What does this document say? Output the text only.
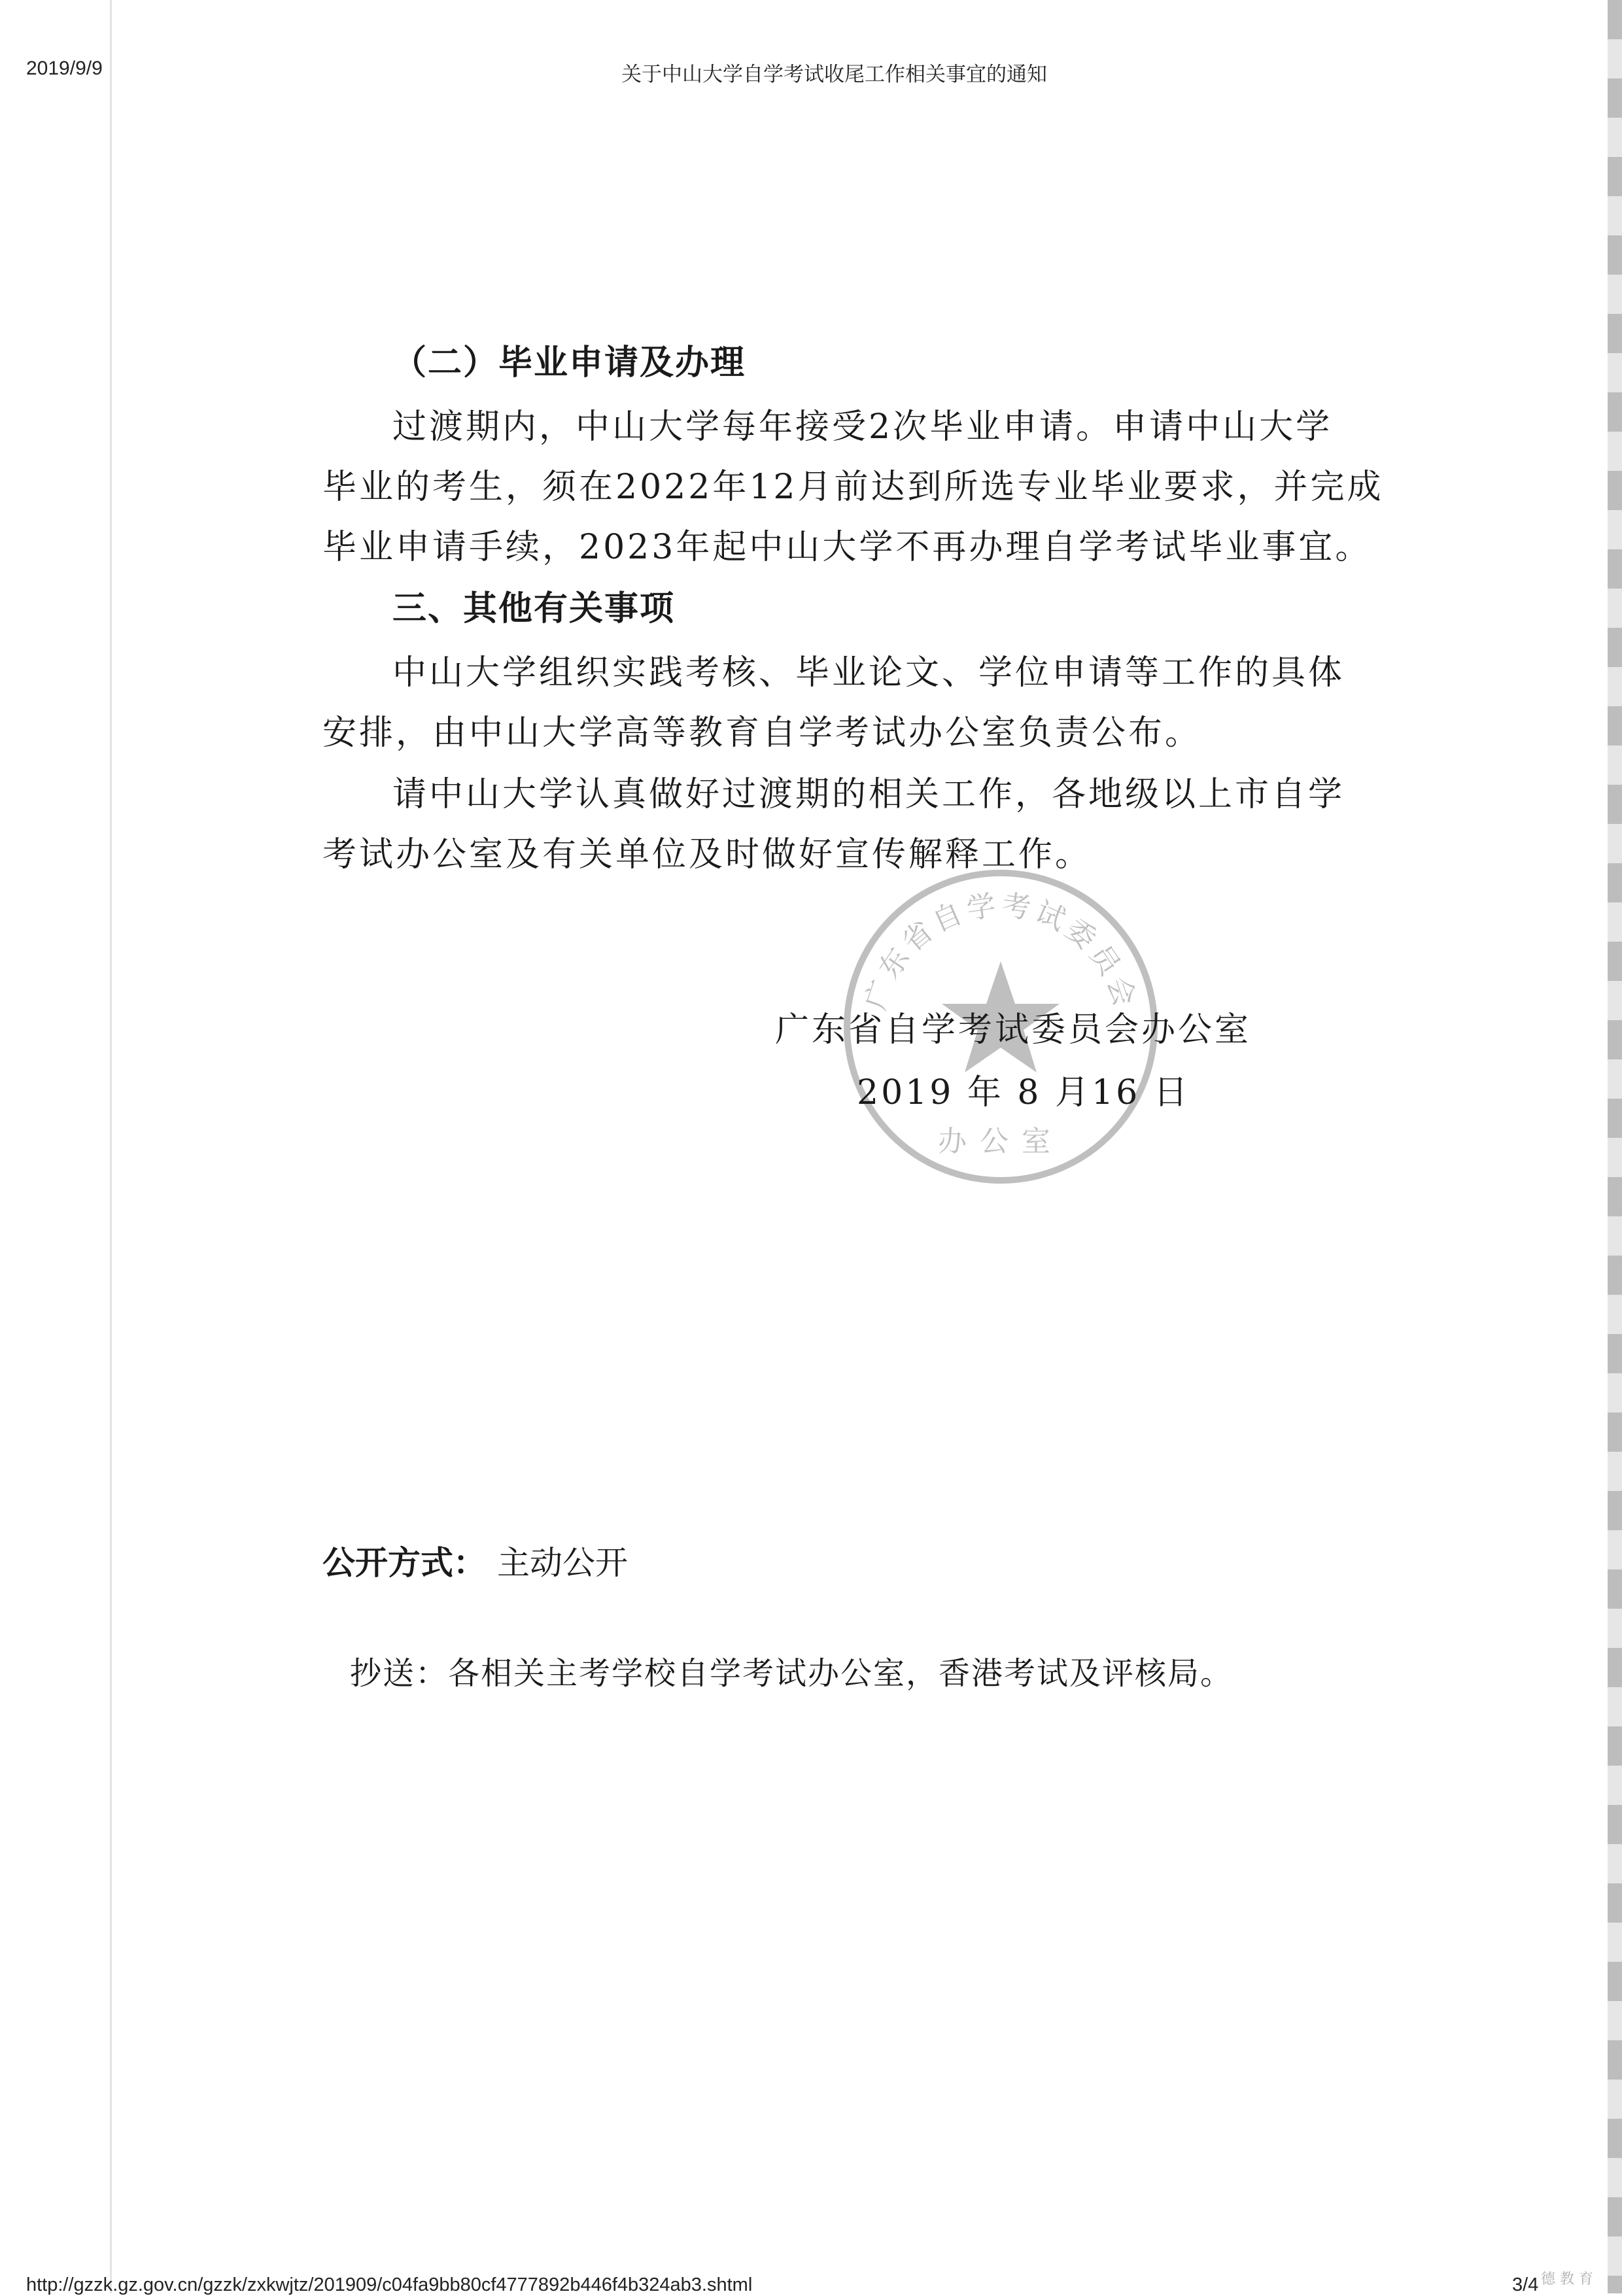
2019/9/9	关于中山大学自学考试收尾工作相关事宜的通知
（二）毕业申请及办理
过渡期内，中山大学每年接受2次毕业申请。申请中山大学
毕业的考生，须在2022年12月前达到所选专业毕业要求，并完成
毕业申请手续，2023年起中山大学不再办理自学考试毕业事宜。
三、其他有关事项
中山大学组织实践考核、毕业论文、学位申请等工作的具体
安排，由中山大学高等教育自学考试办公室负责公布。
请中山大学认真做好过渡期的相关工作，各地级以上市自学
考试办公室及有关单位及时做好宣传解释工作。
广东省自学考试委员会
办公室
广东省自学考试委员会办公室
2019 年 8 月16 日
公开方式： 主动公开
抄送：各相关主考学校自学考试办公室，香港考试及评核局。
http://gzzk.gz.gov.cn/gzzk/zxkwjtz/201909/c04fa9bb80cf4777892b446f4b324ab3.shtml	3/4 德 教 育
